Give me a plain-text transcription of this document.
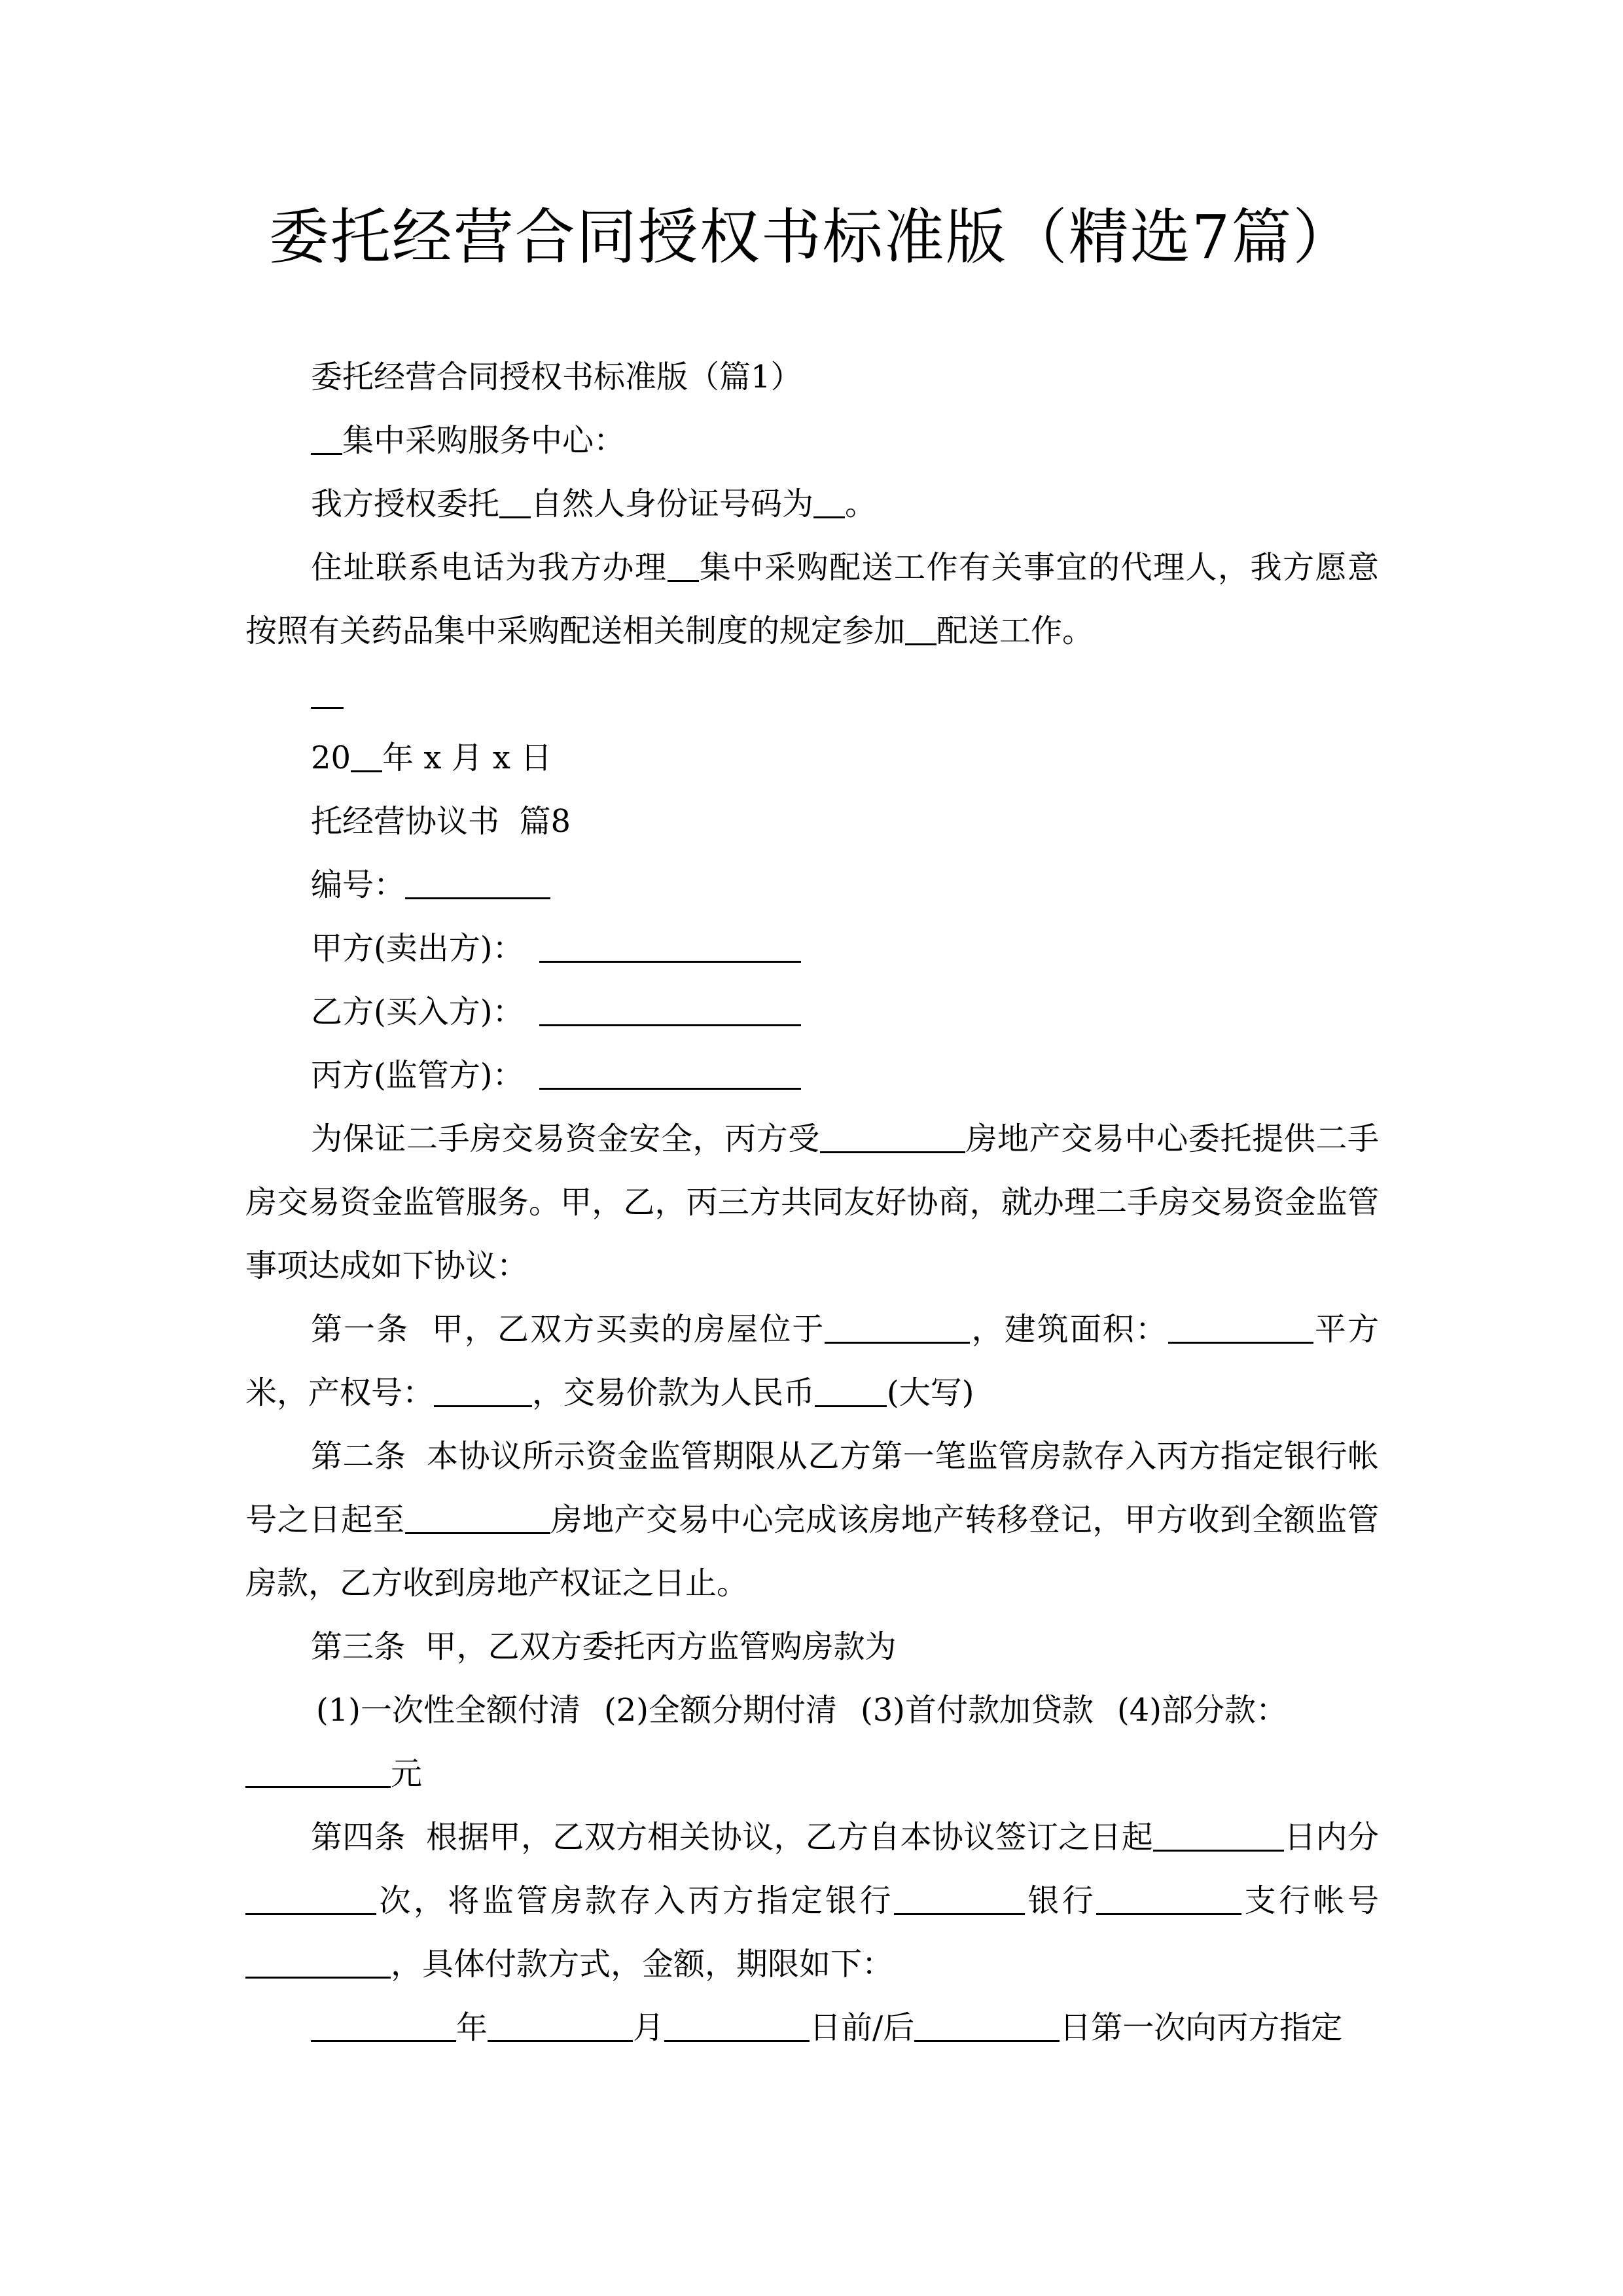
委托经营合同授权书标准版（精选7篇）

委托经营合同授权书标准版（篇1）

集中采购服务中心：

我方授权委托 自然人身份证号码为 。

住址联系电话为我方办理 集中采购配送工作有关事宜的代理人，我方愿意按照有关药品集中采购配送相关制度的规定参加 配送工作。

20 年 x 月 x 日

托经营协议书  篇8

编号：

甲方(卖出方)：

乙方(买入方)：

丙方(监管方)：

为保证二手房交易资金安全，丙方受	房地产交易中心委托提供二手房交易资金监管服务。甲，乙，丙三方共同友好协商，就办理二手房交易资金监管事项达成如下协议：

第一条  甲，乙双方买卖的房屋位于	，建筑面积：	平方米，产权号：	，交易价款为人民币 (大写)

第二条  本协议所示资金监管期限从乙方第一笔监管房款存入丙方指定银行帐号之日起至	房地产交易中心完成该房地产转移登记，甲方收到全额监管房款，乙方收到房地产权证之日止。

第三条  甲，乙双方委托丙方监管购房款为

(1)一次性全额付清 (2)全额分期付清 (3)首付款加贷款 (4)部分款：
元

第四条  根据甲，乙双方相关协议，乙方自本协议签订之日起	日内分次，将监管房款存入丙方指定银行	银行	支行帐号，具体付款方式，金额，期限如下：

年	月	日前/后	日第一次向丙方指定
